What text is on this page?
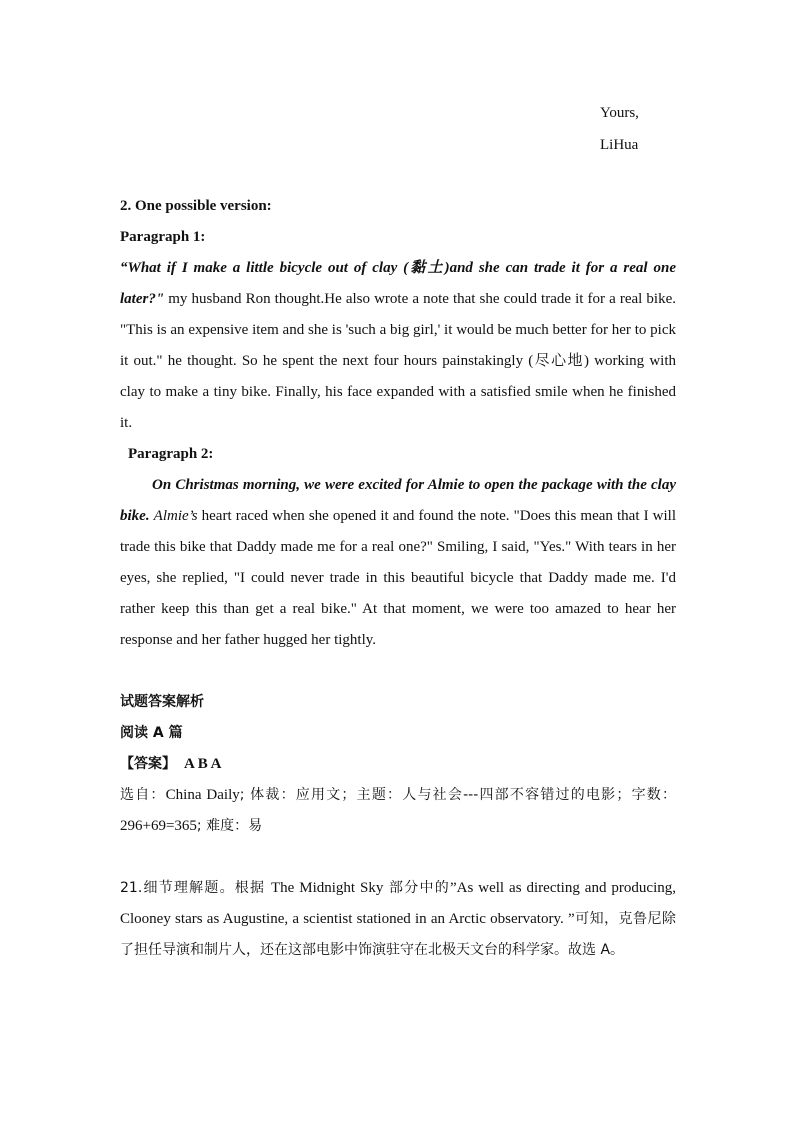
Yours,
LiHua
2. One possible version:
Paragraph 1:
“What if I make a little bicycle out of clay (黏土)and she can trade it for a real one later?" my husband Ron thought.He also wrote a note that she could trade it for a real bike. "This is an expensive item and she is 'such a big girl,' it would be much better for her to pick it out." he thought. So he spent the next four hours painstakingly (尽心地) working with clay to make a tiny bike. Finally, his face expanded with a satisfied smile when he finished it.
Paragraph 2:
On Christmas morning, we were excited for Almie to open the package with the clay bike. Almie’s heart raced when she opened it and found the note. "Does this mean that I will trade this bike that Daddy made me for a real one?" Smiling, I said, "Yes." With tears in her eyes, she replied, "I could never trade in this beautiful bicycle that Daddy made me. I'd rather keep this than get a real bike." At that moment, we were too amazed to hear her response and her father hugged her tightly.
试题答案解析
阅读 A 篇
【答案】 A B A
选自：China Daily; 体裁：应用文；主题：人与社会---四部不容错过的电影；字数：296+69=365; 难度：易
21.细节理解题。根据 The Midnight Sky 部分中的”As well as directing and producing, Clooney stars as Augustine, a scientist stationed in an Arctic observatory. ”可知，克鲁尼除了担任导演和制片人，还在这部电影中饰演驻守在北极天文台的科学家。故选 A。
